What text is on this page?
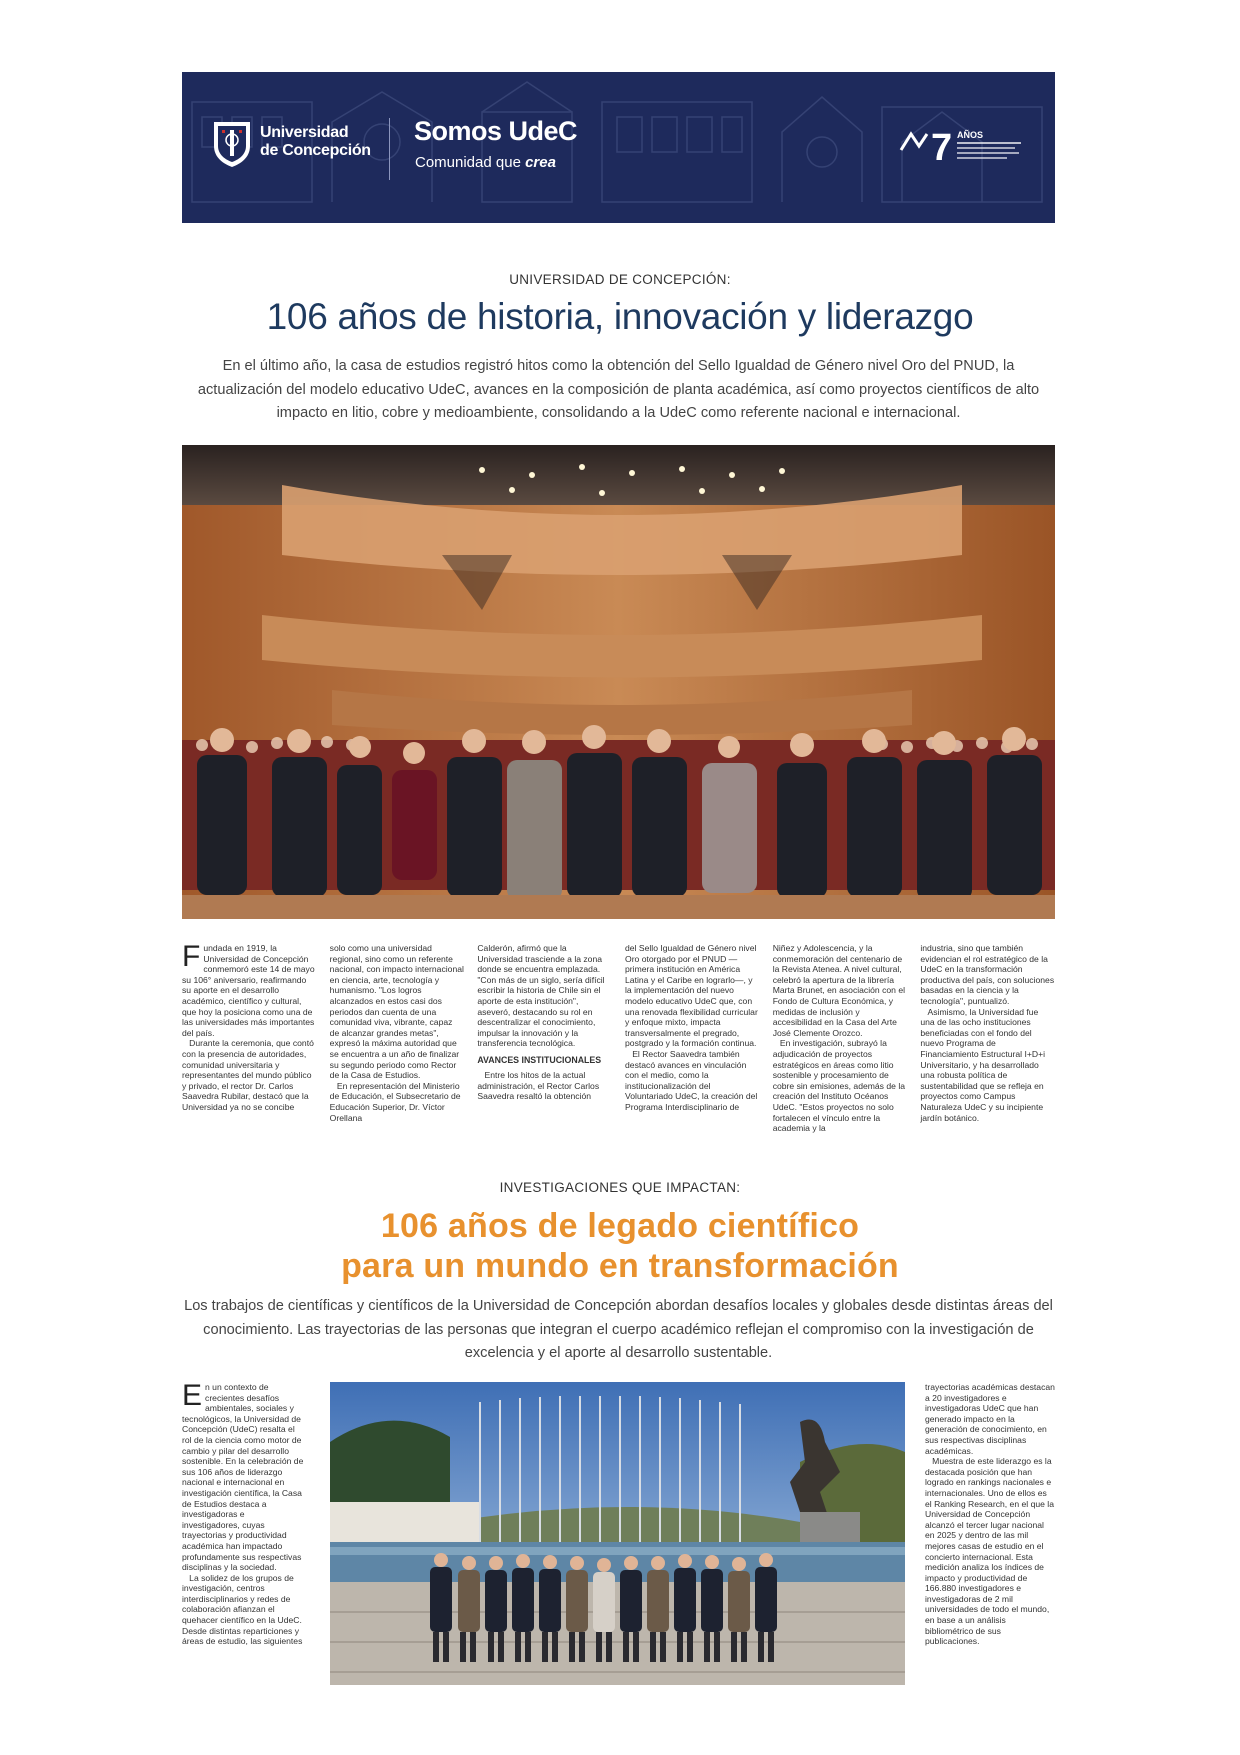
Universidad
de Concepción
Somos UdeC
Comunidad que crea	7 AÑOS
UNIVERSIDAD DE CONCEPCIÓN:
106 años de historia, innovación y liderazgo
En el último año, la casa de estudios registró hitos como la obtención del Sello Igualdad de Género nivel Oro del PNUD, la actualización del modelo educativo UdeC, avances en la composición de planta académica, así como proyectos científicos de alto impacto en litio, cobre y medioambiente, consolidando a la UdeC como referente nacional e internacional.

Fundada en 1919, la Universidad de Concepción conmemoró este 14 de mayo su 106° aniversario, reafirmando su aporte en el desarrollo académico, científico y cultural, que hoy la posiciona como una de las universidades más importantes del país.

Durante la ceremonia, que contó con la presencia de autoridades, comunidad universitaria y representantes del mundo público y privado, el rector Dr. Carlos Saavedra Rubilar, destacó que la Universidad ya no se concibe

solo como una universidad regional, sino como un referente nacional, con impacto internacional en ciencia, arte, tecnología y humanismo. "Los logros alcanzados en estos casi dos periodos dan cuenta de una comunidad viva, vibrante, capaz de alcanzar grandes metas", expresó la máxima autoridad que se encuentra a un año de finalizar su segundo periodo como Rector de la Casa de Estudios.

En representación del Ministerio de Educación, el Subsecretario de Educación Superior, Dr. Víctor Orellana

Calderón, afirmó que la Universidad trasciende a la zona donde se encuentra emplazada. "Con más de un siglo, sería difícil escribir la historia de Chile sin el aporte de esta institución", aseveró, destacando su rol en descentralizar el conocimiento, impulsar la innovación y la transferencia tecnológica.

AVANCES INSTITUCIONALES

Entre los hitos de la actual administración, el Rector Carlos Saavedra resaltó la obtención

del Sello Igualdad de Género nivel Oro otorgado por el PNUD —primera institución en América Latina y el Caribe en lograrlo—, y la implementación del nuevo modelo educativo UdeC que, con una renovada flexibilidad curricular y enfoque mixto, impacta transversalmente el pregrado, postgrado y la formación continua.

El Rector Saavedra también destacó avances en vinculación con el medio, como la institucionalización del Voluntariado UdeC, la creación del Programa Interdisciplinario de

Niñez y Adolescencia, y la conmemoración del centenario de la Revista Atenea. A nivel cultural, celebró la apertura de la librería Marta Brunet, en asociación con el Fondo de Cultura Económica, y medidas de inclusión y accesibilidad en la Casa del Arte José Clemente Orozco.

En investigación, subrayó la adjudicación de proyectos estratégicos en áreas como litio sostenible y procesamiento de cobre sin emisiones, además de la creación del Instituto Océanos UdeC. "Estos proyectos no solo fortalecen el vínculo entre la academia y la

industria, sino que también evidencian el rol estratégico de la UdeC en la transformación productiva del país, con soluciones basadas en la ciencia y la tecnología", puntualizó.

Asimismo, la Universidad fue una de las ocho instituciones beneficiadas con el fondo del nuevo Programa de Financiamiento Estructural I+D+i Universitario, y ha desarrollado una robusta política de sustentabilidad que se refleja en proyectos como Campus Naturaleza UdeC y su incipiente jardín botánico.

INVESTIGACIONES QUE IMPACTAN:
106 años de legado científico
para un mundo en transformación
Los trabajos de científicas y científicos de la Universidad de Concepción abordan desafíos locales y globales desde distintas áreas del conocimiento. Las trayectorias de las personas que integran el cuerpo académico reflejan el compromiso con la investigación de excelencia y el aporte al desarrollo sustentable.

En un contexto de crecientes desafíos ambientales, sociales y tecnológicos, la Universidad de Concepción (UdeC) resalta el rol de la ciencia como motor de cambio y pilar del desarrollo sostenible. En la celebración de sus 106 años de liderazgo nacional e internacional en investigación científica, la Casa de Estudios destaca a investigadoras e investigadores, cuyas trayectorias y productividad académica han impactado profundamente sus respectivas disciplinas y la sociedad.

La solidez de los grupos de investigación, centros interdisciplinarios y redes de colaboración afianzan el quehacer científico en la UdeC. Desde distintas reparticiones y áreas de estudio, las siguientes

trayectorias académicas destacan a 20 investigadores e investigadoras UdeC que han generado impacto en la generación de conocimiento, en sus respectivas disciplinas académicas.

Muestra de este liderazgo es la destacada posición que han logrado en rankings nacionales e internacionales. Uno de ellos es el Ranking Research, en el que la Universidad de Concepción alcanzó el tercer lugar nacional en 2025 y dentro de las mil mejores casas de estudio en el concierto internacional. Esta medición analiza los índices de impacto y productividad de 166.880 investigadores e investigadoras de 2 mil universidades de todo el mundo, en base a un análisis bibliométrico de sus publicaciones.
